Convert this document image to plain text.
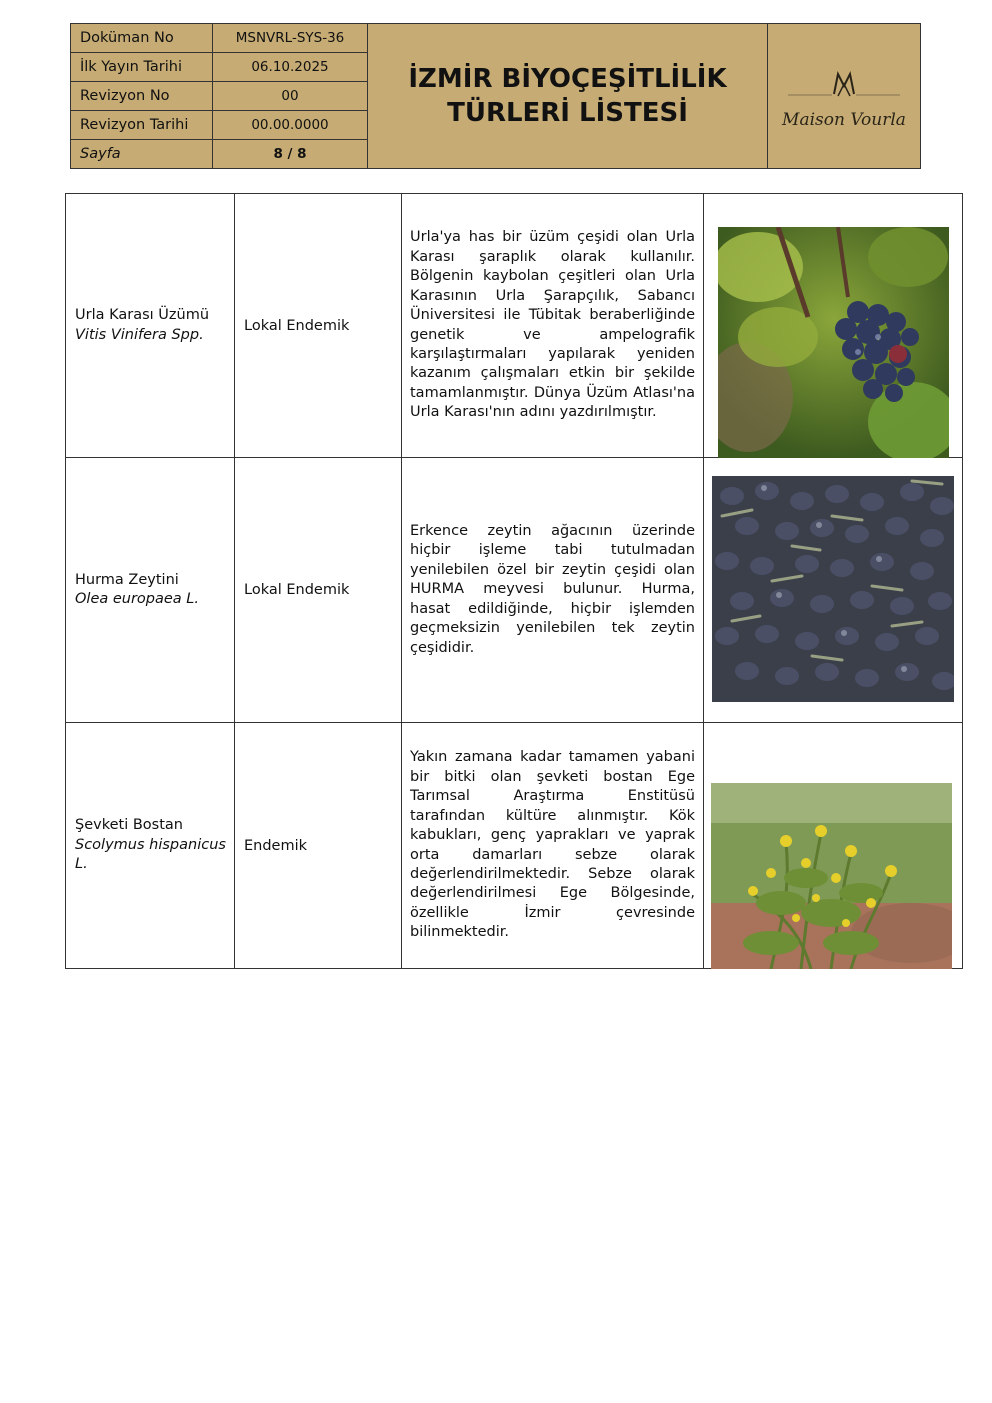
Doküman No	MSNVRL-SYS-36
İlk Yayın Tarihi	06.10.2025
Revizyon No	00
Revizyon Tarihi	00.00.0000
Sayfa	8 / 8
İZMİR BİYOÇEŞİTLİLİK
TÜRLERİ LİSTESİ	Maison Vourla
Urla Karası Üzümü
Vitis Vinifera Spp.	Lokal Endemik	Urla'ya has bir üzüm çeşidi olan Urla Karası şaraplık olarak kullanılır. Bölgenin kaybolan çeşitleri olan Urla Karasının Urla Şarapçılık, Sabancı Üniversitesi ile Tübitak beraberliğinde genetik ve ampelografik karşılaştırmaları yapılarak yeniden kazanım çalışmaları etkin bir şekilde tamamlanmıştır. Dünya Üzüm Atlası'na Urla Karası'nın adını yazdırılmıştır.	

Hurma Zeytini
Olea europaea L.	Lokal Endemik	Erkence zeytin ağacının üzerinde hiçbir işleme tabi tutulmadan yenilebilen özel bir zeytin çeşidi olan HURMA meyvesi bulunur. Hurma, hasat edildiğinde, hiçbir işlemden geçmeksizin yenilebilen tek zeytin çeşididir.	

Şevketi Bostan
Scolymus hispanicus L.	Endemik	Yakın zamana kadar tamamen yabani bir bitki olan şevketi bostan Ege Tarımsal Araştırma Enstitüsü tarafından kültüre alınmıştır. Kök kabukları, genç yaprakları ve yaprak orta damarları sebze olarak değerlendirilmektedir. Sebze olarak değerlendirilmesi Ege Bölgesinde, özellikle İzmir çevresinde bilinmektedir.	
